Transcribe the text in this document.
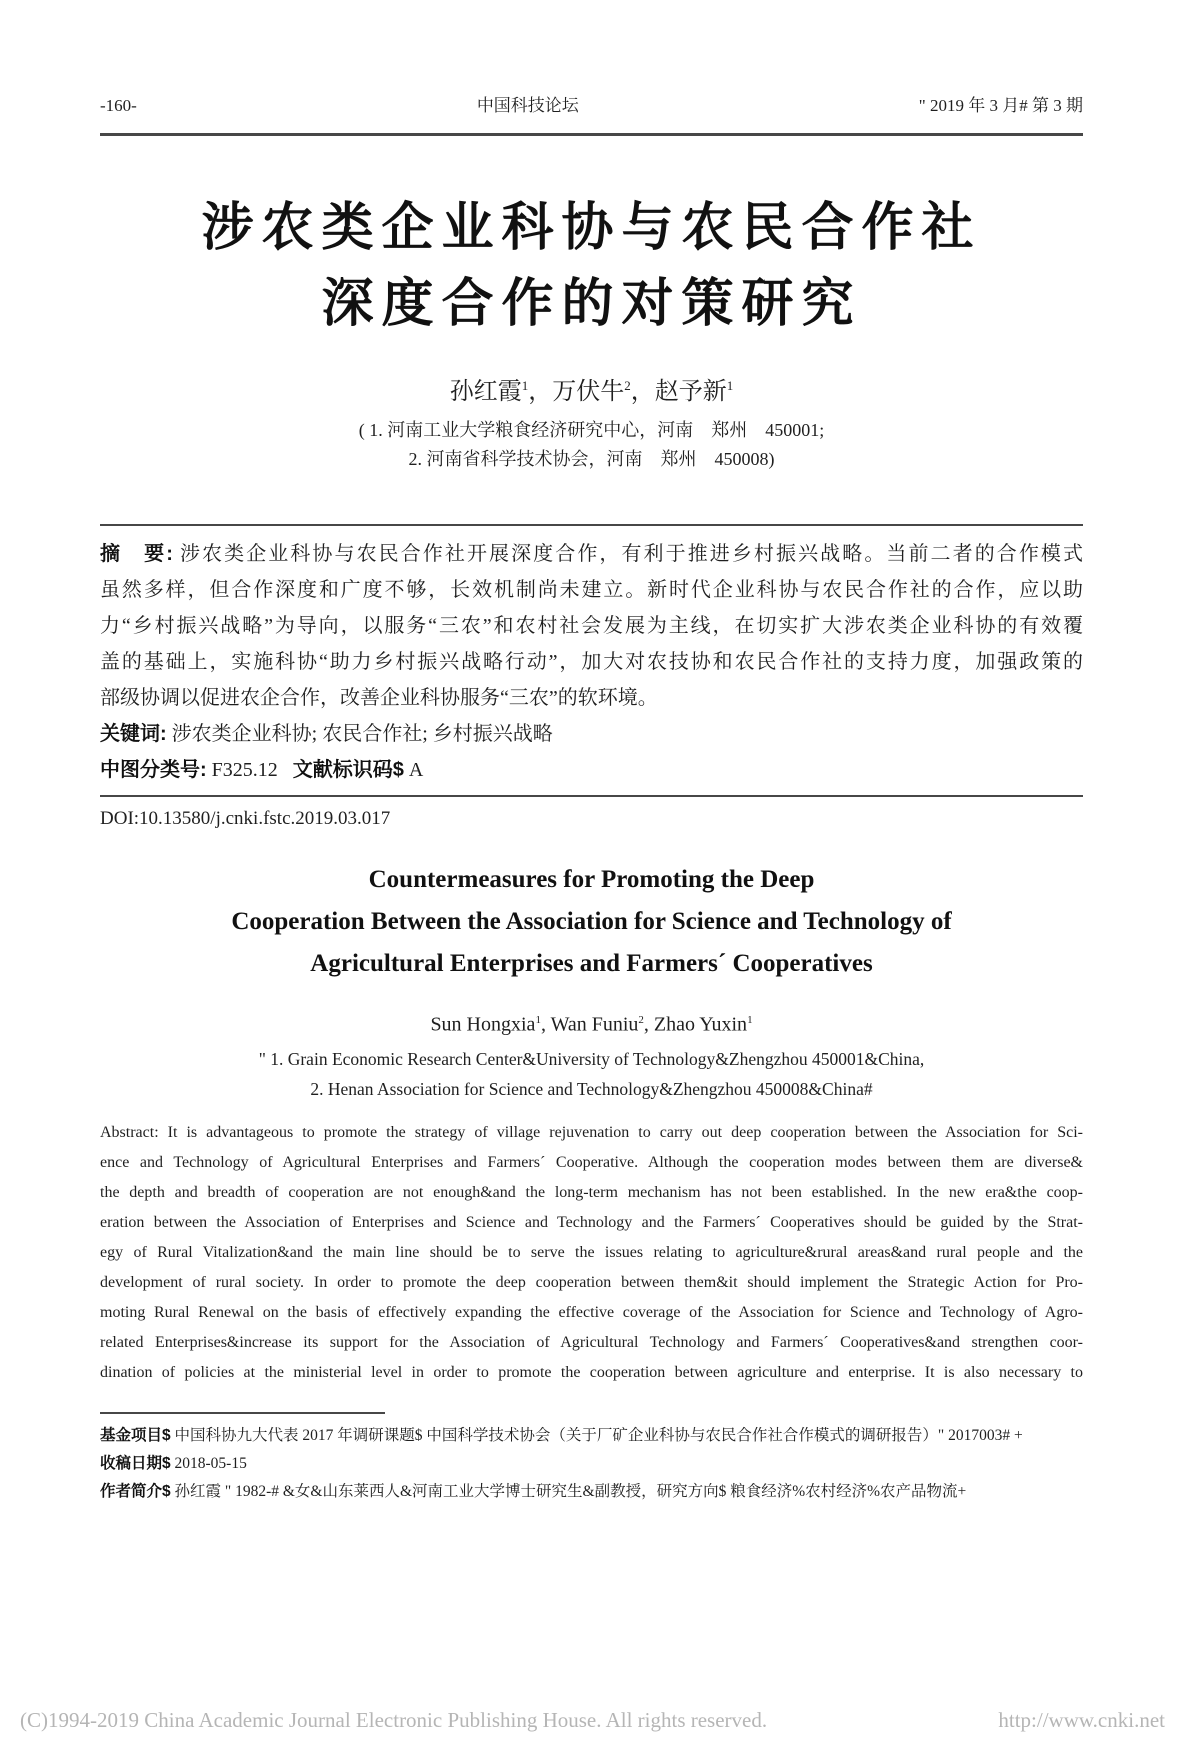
-160-	中国科技论坛	" 2019 年 3 月# 第 3 期
涉农类企业科协与农民合作社
深度合作的对策研究
孙红霞$^1$，万伏牛$^2$，赵予新$^1$
( 1. 河南工业大学粮食经济研究中心，河南　郑州　450001;
2. 河南省科学技术协会，河南　郑州　450008)
摘　要: 涉农类企业科协与农民合作社开展深度合作，有利于推进乡村振兴战略。当前二者的合作模式
虽然多样，但合作深度和广度不够，长效机制尚未建立。新时代企业科协与农民合作社的合作，应以助
力“乡村振兴战略”为导向，以服务“三农”和农村社会发展为主线，在切实扩大涉农类企业科协的有效覆
盖的基础上，实施科协“助力乡村振兴战略行动”，加大对农技协和农民合作社的支持力度，加强政策的
部级协调以促进农企合作，改善企业科协服务“三农”的软环境。
关键词: 涉农类企业科协; 农民合作社; 乡村振兴战略
中图分类号: F325.12 文献标识码$ A
DOI:10.13580/j.cnki.fstc.2019.03.017
Countermeasures for Promoting the Deep
Cooperation Between the Association for Science and Technology of
Agricultural Enterprises and Farmers´ Cooperatives
Sun Hongxia$^1$, Wan Funiu$^2$, Zhao Yuxin$^1$
" 1. Grain Economic Research Center&University of Technology&Zhengzhou 450001&China,
2. Henan Association for Science and Technology&Zhengzhou 450008&China#
Abstract: It is advantageous to promote the strategy of village rejuvenation to carry out deep cooperation between the Association for Sci-
ence and Technology of Agricultural Enterprises and Farmers´ Cooperative. Although the cooperation modes between them are diverse&
the depth and breadth of cooperation are not enough&and the long-term mechanism has not been established. In the new era&the coop-
eration between the Association of Enterprises and Science and Technology and the Farmers´ Cooperatives should be guided by the Strat-
egy of Rural Vitalization&and the main line should be to serve the issues relating to agriculture&rural areas&and rural people and the
development of rural society. In order to promote the deep cooperation between them&it should implement the Strategic Action for Pro-
moting Rural Renewal on the basis of effectively expanding the effective coverage of the Association for Science and Technology of Agro-
related Enterprises&increase its support for the Association of Agricultural Technology and Farmers´ Cooperatives&and strengthen coor-
dination of policies at the ministerial level in order to promote the cooperation between agriculture and enterprise. It is also necessary to
基金项目$ 中国科协九大代表 2017 年调研课题$ 中国科学技术协会（关于厂矿企业科协与农民合作社合作模式的调研报告）" 2017003# +
收稿日期$ 2018-05-15
作者简介$ 孙红霞 " 1982-# &女&山东莱西人&河南工业大学博士研究生&副教授，研究方向$ 粮食经济%农村经济%农产品物流+
(C)1994-2019 China Academic Journal Electronic Publishing House. All rights reserved.	http://www.cnki.net
